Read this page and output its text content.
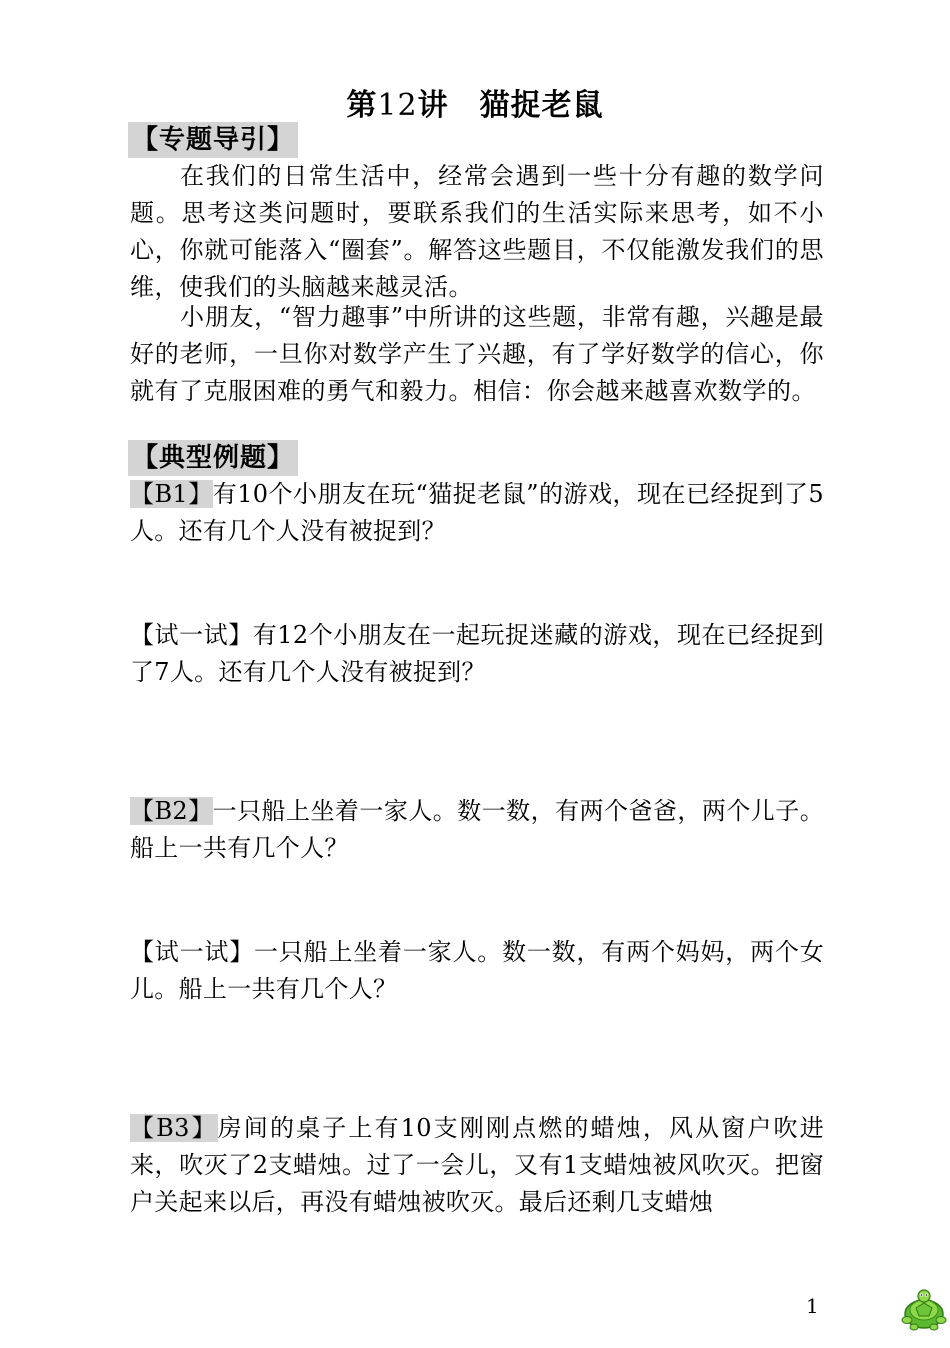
第12讲　猫捉老鼠
【专题导引】
在我们的日常生活中，经常会遇到一些十分有趣的数学问题。思考这类问题时，要联系我们的生活实际来思考，如不小心，你就可能落入“圈套”。解答这些题目，不仅能激发我们的思维，使我们的头脑越来越灵活。
小朋友，“智力趣事”中所讲的这些题，非常有趣，兴趣是最好的老师，一旦你对数学产生了兴趣，有了学好数学的信心，你就有了克服困难的勇气和毅力。相信：你会越来越喜欢数学的。
【典型例题】
【B1】有10个小朋友在玩“猫捉老鼠”的游戏，现在已经捉到了5人。还有几个人没有被捉到？
【试一试】有12个小朋友在一起玩捉迷藏的游戏，现在已经捉到了7人。还有几个人没有被捉到？
【B2】一只船上坐着一家人。数一数，有两个爸爸，两个儿子。船上一共有几个人？
【试一试】一只船上坐着一家人。数一数，有两个妈妈，两个女儿。船上一共有几个人？
【B3】房间的桌子上有10支刚刚点燃的蜡烛，风从窗户吹进来，吹灭了2支蜡烛。过了一会儿，又有1支蜡烛被风吹灭。把窗户关起来以后，再没有蜡烛被吹灭。最后还剩几支蜡烛
1
